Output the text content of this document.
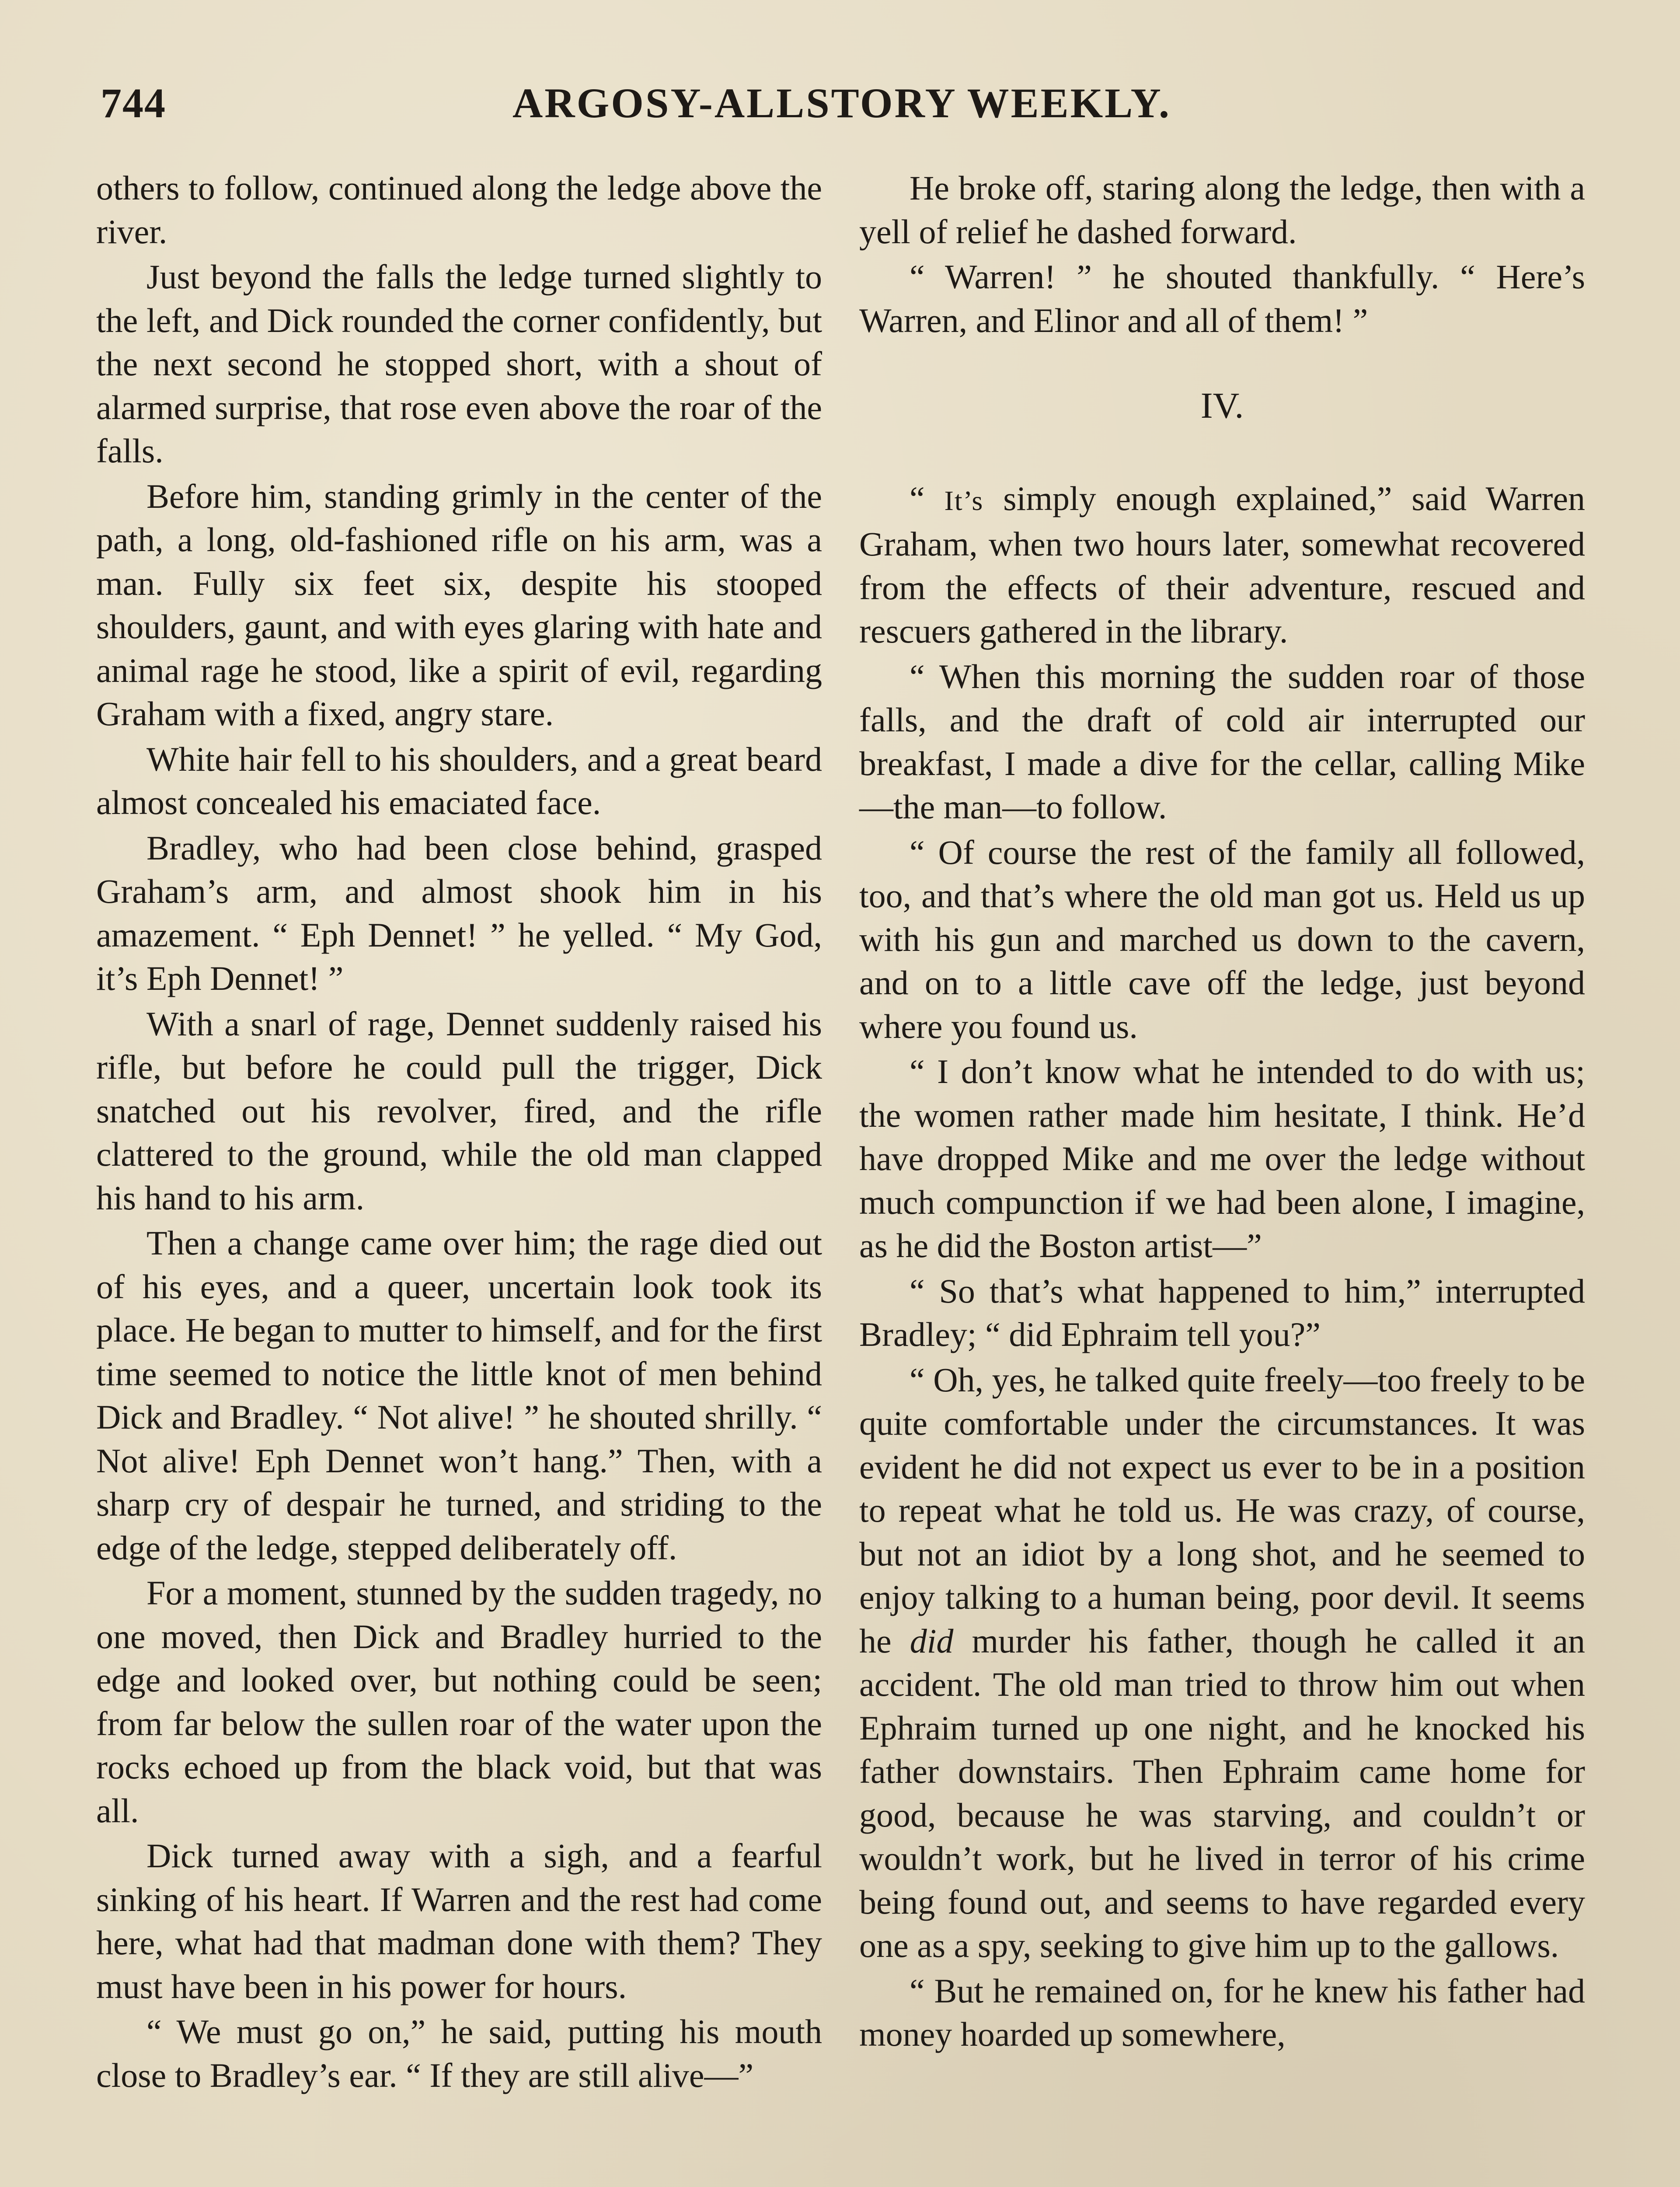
744	ARGOSY-ALLSTORY WEEKLY.

others to follow, continued along the ledge above the river.

Just beyond the falls the ledge turned slightly to the left, and Dick rounded the corner confidently, but the next second he stopped short, with a shout of alarmed surprise, that rose even above the roar of the falls.

Before him, standing grimly in the center of the path, a long, old-fashioned rifle on his arm, was a man. Fully six feet six, despite his stooped shoulders, gaunt, and with eyes glaring with hate and animal rage he stood, like a spirit of evil, regarding Graham with a fixed, angry stare.

White hair fell to his shoulders, and a great beard almost concealed his emaciated face.

Bradley, who had been close behind, grasped Graham’s arm, and almost shook him in his amazement. “ Eph Dennet! ” he yelled. “ My God, it’s Eph Dennet! ”

With a snarl of rage, Dennet suddenly raised his rifle, but before he could pull the trigger, Dick snatched out his revolver, fired, and the rifle clattered to the ground, while the old man clapped his hand to his arm.

Then a change came over him; the rage died out of his eyes, and a queer, uncertain look took its place. He began to mutter to himself, and for the first time seemed to notice the little knot of men behind Dick and Bradley. “ Not alive! ” he shouted shrilly. “ Not alive! Eph Dennet won’t hang.” Then, with a sharp cry of despair he turned, and striding to the edge of the ledge, stepped deliberately off.

For a moment, stunned by the sudden tragedy, no one moved, then Dick and Bradley hurried to the edge and looked over, but nothing could be seen; from far below the sullen roar of the water upon the rocks echoed up from the black void, but that was all.

Dick turned away with a sigh, and a fearful sinking of his heart. If Warren and the rest had come here, what had that madman done with them? They must have been in his power for hours.

“ We must go on,” he said, putting his mouth close to Bradley’s ear. “ If they are still alive—”

He broke off, staring along the ledge, then with a yell of relief he dashed forward.

“ Warren! ” he shouted thankfully. “ Here’s Warren, and Elinor and all of them! ”

IV.

“ It’s simply enough explained,” said Warren Graham, when two hours later, somewhat recovered from the effects of their adventure, rescued and rescuers gathered in the library.

“ When this morning the sudden roar of those falls, and the draft of cold air interrupted our breakfast, I made a dive for the cellar, calling Mike—the man—to follow.

“ Of course the rest of the family all followed, too, and that’s where the old man got us. Held us up with his gun and marched us down to the cavern, and on to a little cave off the ledge, just beyond where you found us.

“ I don’t know what he intended to do with us; the women rather made him hesitate, I think. He’d have dropped Mike and me over the ledge without much compunction if we had been alone, I imagine, as he did the Boston artist—”

“ So that’s what happened to him,” interrupted Bradley; “ did Ephraim tell you?”

“ Oh, yes, he talked quite freely—too freely to be quite comfortable under the circumstances. It was evident he did not expect us ever to be in a position to repeat what he told us. He was crazy, of course, but not an idiot by a long shot, and he seemed to enjoy talking to a human being, poor devil. It seems he did murder his father, though he called it an accident. The old man tried to throw him out when Ephraim turned up one night, and he knocked his father downstairs. Then Ephraim came home for good, because he was starving, and couldn’t or wouldn’t work, but he lived in terror of his crime being found out, and seems to have regarded every one as a spy, seeking to give him up to the gallows.

“ But he remained on, for he knew his father had money hoarded up somewhere,
